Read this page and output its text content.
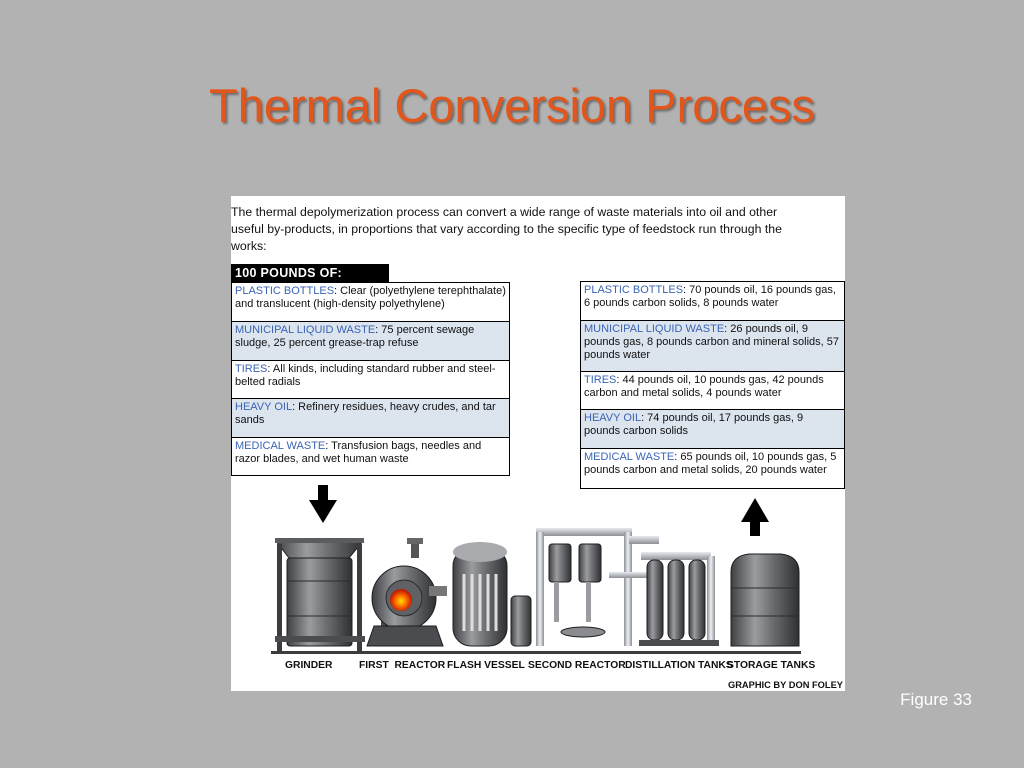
Thermal Conversion Process
The thermal depolymerization process can convert a wide range of waste materials into oil and other useful by-products, in proportions that vary according to the specific type of feedstock run through the works:
100 POUNDS OF:
PLASTIC BOTTLES: Clear (polyethylene terephthalate) and translucent (high-density polyethylene)
MUNICIPAL LIQUID WASTE: 75 percent sewage sludge, 25 percent grease-trap refuse
TIRES: All kinds, including standard rubber and steel-belted radials
HEAVY OIL: Refinery residues, heavy crudes, and tar sands
MEDICAL WASTE: Transfusion bags, needles and razor blades, and wet human waste
PLASTIC BOTTLES: 70 pounds oil, 16 pounds gas, 6 pounds carbon solids, 8 pounds water
MUNICIPAL LIQUID WASTE: 26 pounds oil, 9 pounds gas, 8 pounds carbon and mineral solids, 57 pounds water
TIRES: 44 pounds oil, 10 pounds gas, 42 pounds carbon and metal solids, 4 pounds water
HEAVY OIL: 74 pounds oil, 17 pounds gas, 9 pounds carbon solids
MEDICAL WASTE: 65 pounds oil, 10 pounds gas, 5 pounds carbon and metal solids, 20 pounds water
GRINDER	FIRST  REACTOR FLASH VESSEL SECOND REACTOR DISTILLATION TANKS
STORAGE TANKS
GRAPHIC BY DON FOLEY
Figure 33
